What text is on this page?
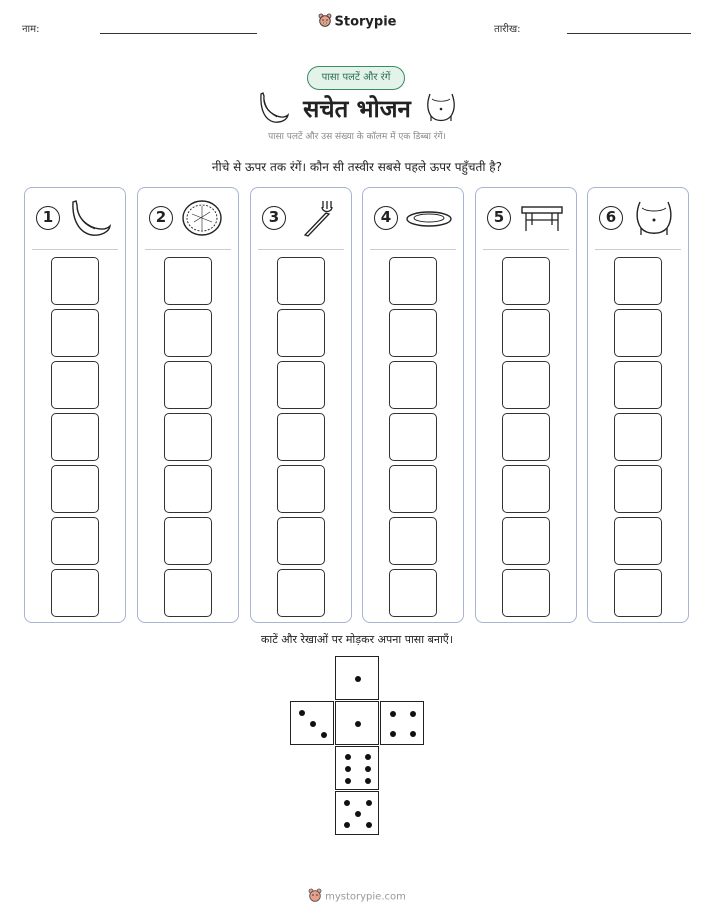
नाम:	Storypie	तारीख:
पासा पलटें और रंगें
सचेत भोजन
पासा पलटें और उस संख्या के कॉलम में एक डिब्बा रंगें।
नीचे से ऊपर तक रंगें। कौन सी तस्वीर सबसे पहले ऊपर पहुँचती है?
1	2	3	4	5	6
काटें और रेखाओं पर मोड़कर अपना पासा बनाएँ।
mystorypie.com
